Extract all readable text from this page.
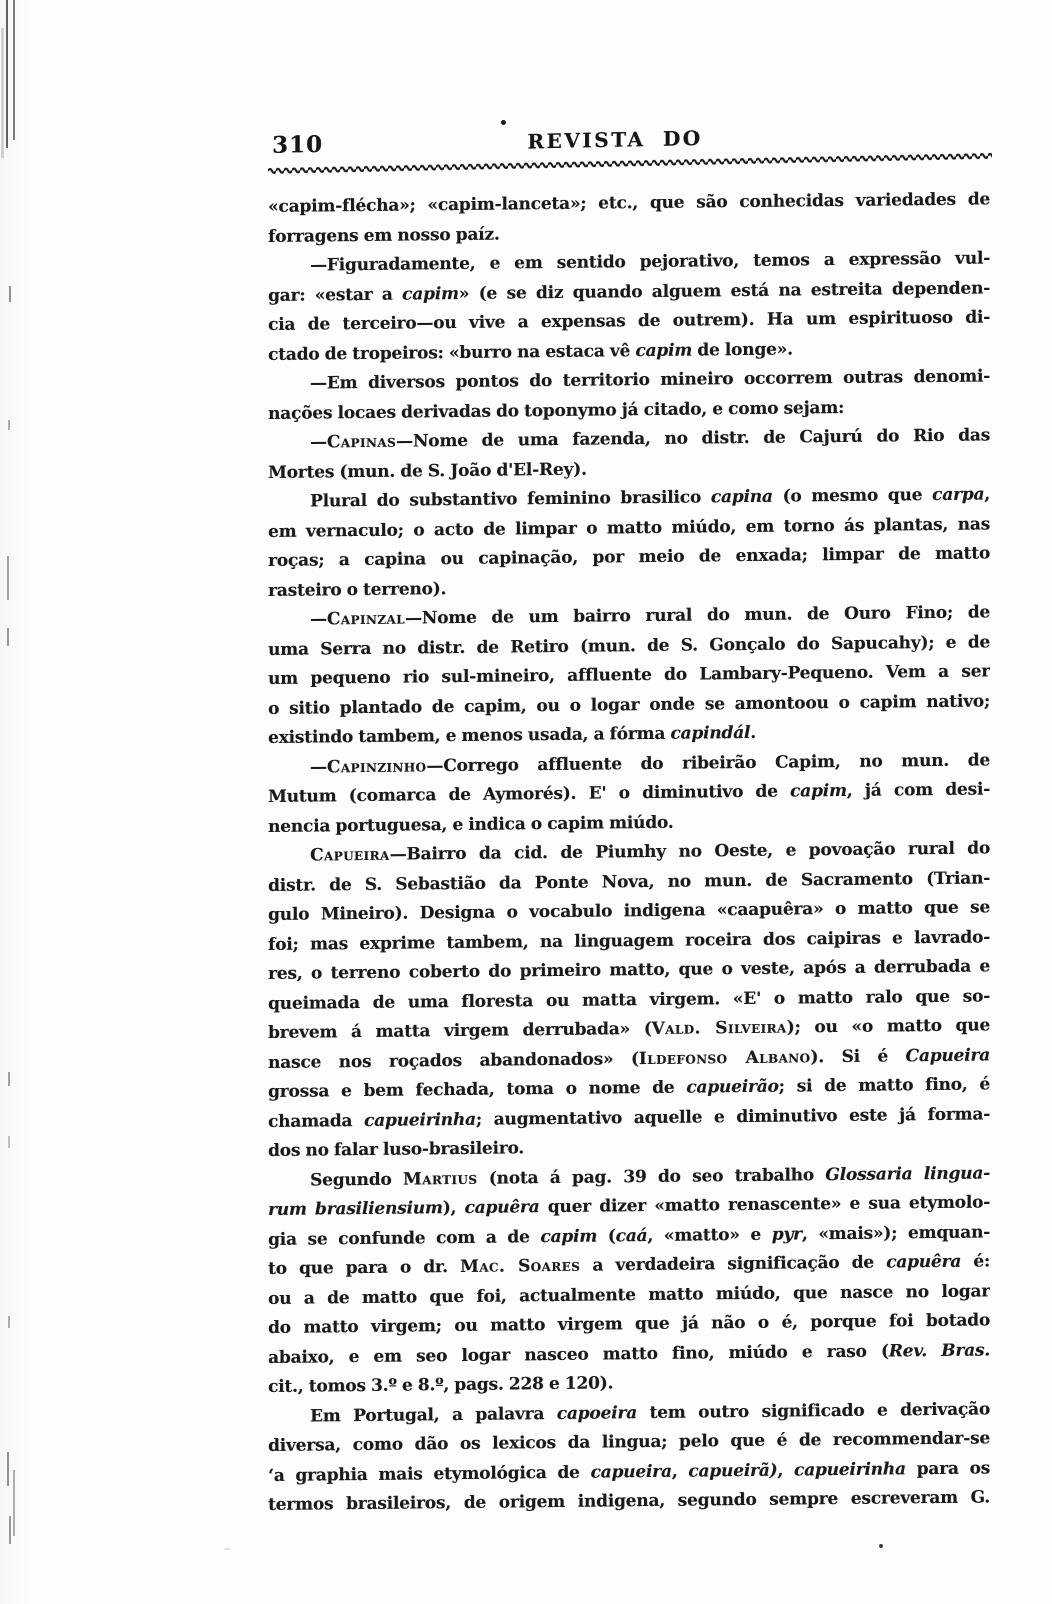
310	REVISTA DO
«capim-flécha»; «capim-lanceta»; etc., que são conhecidas variedades de
forragens em nosso paíz.
—Figuradamente, e em sentido pejorativo, temos a expressão vul-
gar: «estar a capim» (e se diz quando alguem está na estreita dependen-
cia de terceiro—ou vive a expensas de outrem). Ha um espirituoso di-
ctado de tropeiros: «burro na estaca vê capim de longe».
—Em diversos pontos do territorio mineiro occorrem outras denomi-
nações locaes derivadas do toponymo já citado, e como sejam:
—Capinas—Nome de uma fazenda, no distr. de Cajurú do Rio das
Mortes (mun. de S. João d'El-Rey).
Plural do substantivo feminino brasilico capina (o mesmo que carpa,
em vernaculo; o acto de limpar o matto miúdo, em torno ás plantas, nas
roças; a capina ou capinação, por meio de enxada; limpar de matto
rasteiro o terreno).
—Capinzal—Nome de um bairro rural do mun. de Ouro Fino; de
uma Serra no distr. de Retiro (mun. de S. Gonçalo do Sapucahy); e de
um pequeno rio sul-mineiro, affluente do Lambary-Pequeno. Vem a ser
o sitio plantado de capim, ou o logar onde se amontoou o capim nativo;
existindo tambem, e menos usada, a fórma capindál.
—Capinzinho—Corrego affluente do ribeirão Capim, no mun. de
Mutum (comarca de Aymorés). E' o diminutivo de capim, já com desi-
nencia portuguesa, e indica o capim miúdo.
Capueira—Bairro da cid. de Piumhy no Oeste, e povoação rural do
distr. de S. Sebastião da Ponte Nova, no mun. de Sacramento (Trian-
gulo Mineiro). Designa o vocabulo indigena «caapuêra» o matto que se
foi; mas exprime tambem, na linguagem roceira dos caipiras e lavrado-
res, o terreno coberto do primeiro matto, que o veste, após a derrubada e
queimada de uma floresta ou matta virgem. «E' o matto ralo que so-
brevem á matta virgem derrubada» (Vald. Silveira); ou «o matto que
nasce nos roçados abandonados» (Ildefonso Albano). Si é Capueira
grossa e bem fechada, toma o nome de capueirão; si de matto fino, é
chamada capueirinha; augmentativo aquelle e diminutivo este já forma-
dos no falar luso-brasileiro.
Segundo Martius (nota á pag. 39 do seo trabalho Glossaria lingua-
rum brasiliensium), capuêra quer dizer «matto renascente» e sua etymolo-
gia se confunde com a de capim (caá, «matto» e pyr, «mais»); emquan-
to que para o dr. Mac. Soares a verdadeira significação de capuêra é:
ou a de matto que foi, actualmente matto miúdo, que nasce no logar
do matto virgem; ou matto virgem que já não o é, porque foi botado
abaixo, e em seo logar nasceo matto fino, miúdo e raso (Rev. Bras.
cit., tomos 3.º e 8.º, pags. 228 e 120).
Em Portugal, a palavra capoeira tem outro significado e derivação
diversa, como dão os lexicos da lingua; pelo que é de recommendar-se
‘a graphia mais etymológica de capueira, capueirã), capueirinha para os
termos brasileiros, de origem indigena, segundo sempre escreveram G.
